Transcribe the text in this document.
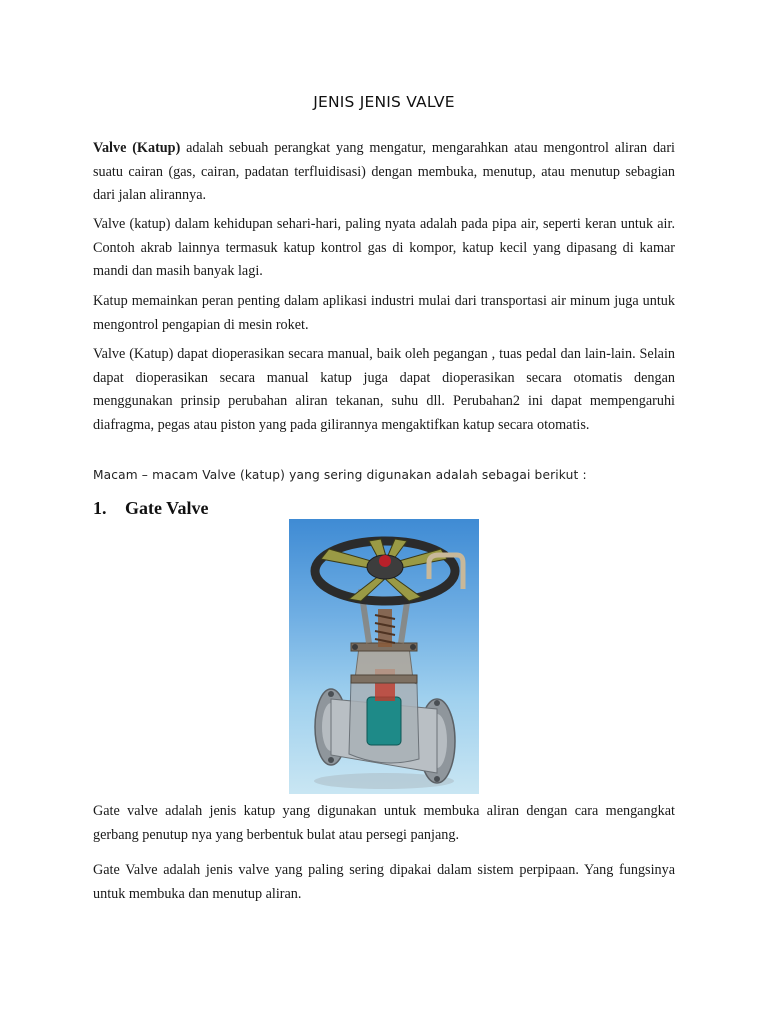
JENIS JENIS VALVE

Valve (Katup) adalah sebuah perangkat yang mengatur, mengarahkan atau mengontrol aliran dari suatu cairan (gas, cairan, padatan terfluidisasi) dengan membuka, menutup, atau menutup sebagian dari jalan alirannya.

Valve (katup) dalam kehidupan sehari-hari, paling nyata adalah pada pipa air, seperti keran untuk air. Contoh akrab lainnya termasuk katup kontrol gas di kompor, katup kecil yang dipasang di kamar mandi dan masih banyak lagi.

Katup memainkan peran penting dalam aplikasi industri mulai dari transportasi air minum juga untuk mengontrol pengapian di mesin roket.

Valve (Katup) dapat dioperasikan secara manual, baik oleh pegangan , tuas pedal dan lain-lain. Selain dapat dioperasikan secara manual katup juga dapat dioperasikan secara otomatis dengan menggunakan prinsip perubahan aliran tekanan, suhu dll. Perubahan2 ini dapat mempengaruhi diafragma, pegas atau piston yang pada gilirannya mengaktifkan katup secara otomatis.

Macam – macam Valve (katup) yang sering digunakan adalah sebagai berikut :
1. Gate Valve

Gate valve adalah jenis katup yang digunakan untuk membuka aliran dengan cara mengangkat gerbang penutup nya yang berbentuk bulat atau persegi panjang.

Gate Valve adalah jenis valve yang paling sering dipakai dalam sistem perpipaan. Yang fungsinya untuk membuka dan menutup aliran.
